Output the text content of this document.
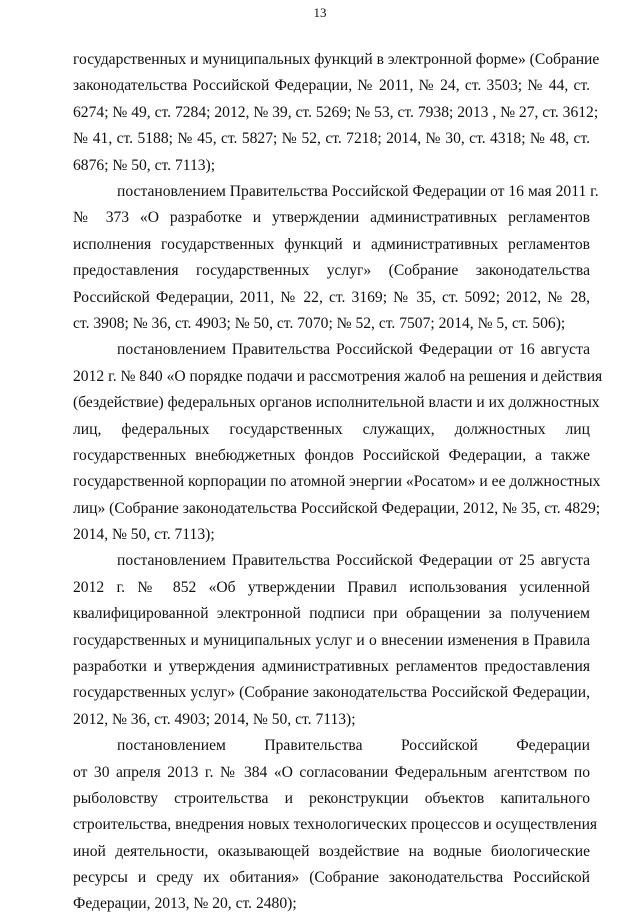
13
государственных и муниципальных функций в электронной форме» (Собрание
законодательства Российской Федерации, № 2011, № 24, ст. 3503; № 44, ст.
6274; № 49, ст. 7284; 2012, № 39, ст. 5269; № 53, ст. 7938; 2013 , № 27, ст. 3612;
№ 41, ст. 5188; № 45, ст. 5827; № 52, ст. 7218; 2014, № 30, ст. 4318; № 48, ст.
6876; № 50, ст. 7113);
постановлением Правительства Российской Федерации от 16 мая 2011 г.
№ 373 «О разработке и утверждении административных регламентов
исполнения государственных функций и административных регламентов
предоставления государственных услуг» (Собрание законодательства
Российской Федерации, 2011, № 22, ст. 3169; № 35, ст. 5092; 2012, № 28,
ст. 3908; № 36, ст. 4903; № 50, ст. 7070; № 52, ст. 7507; 2014, № 5, ст. 506);
постановлением Правительства Российской Федерации от 16 августа
2012 г. № 840 «О порядке подачи и рассмотрения жалоб на решения и действия
(бездействие) федеральных органов исполнительной власти и их должностных
лиц, федеральных государственных служащих, должностных лиц
государственных внебюджетных фондов Российской Федерации, а также
государственной корпорации по атомной энергии «Росатом» и ее должностных
лиц» (Собрание законодательства Российской Федерации, 2012, № 35, ст. 4829;
2014, № 50, ст. 7113);
постановлением Правительства Российской Федерации от 25 августа
2012 г. № 852 «Об утверждении Правил использования усиленной
квалифицированной электронной подписи при обращении за получением
государственных и муниципальных услуг и о внесении изменения в Правила
разработки и утверждения административных регламентов предоставления
государственных услуг» (Собрание законодательства Российской Федерации,
2012, № 36, ст. 4903; 2014, № 50, ст. 7113);
постановлением Правительства Российской Федерации
от 30 апреля 2013 г. № 384 «О согласовании Федеральным агентством по
рыболовству строительства и реконструкции объектов капитального
строительства, внедрения новых технологических процессов и осуществления
иной деятельности, оказывающей воздействие на водные биологические
ресурсы и среду их обитания» (Собрание законодательства Российской
Федерации, 2013, № 20, ст. 2480);
